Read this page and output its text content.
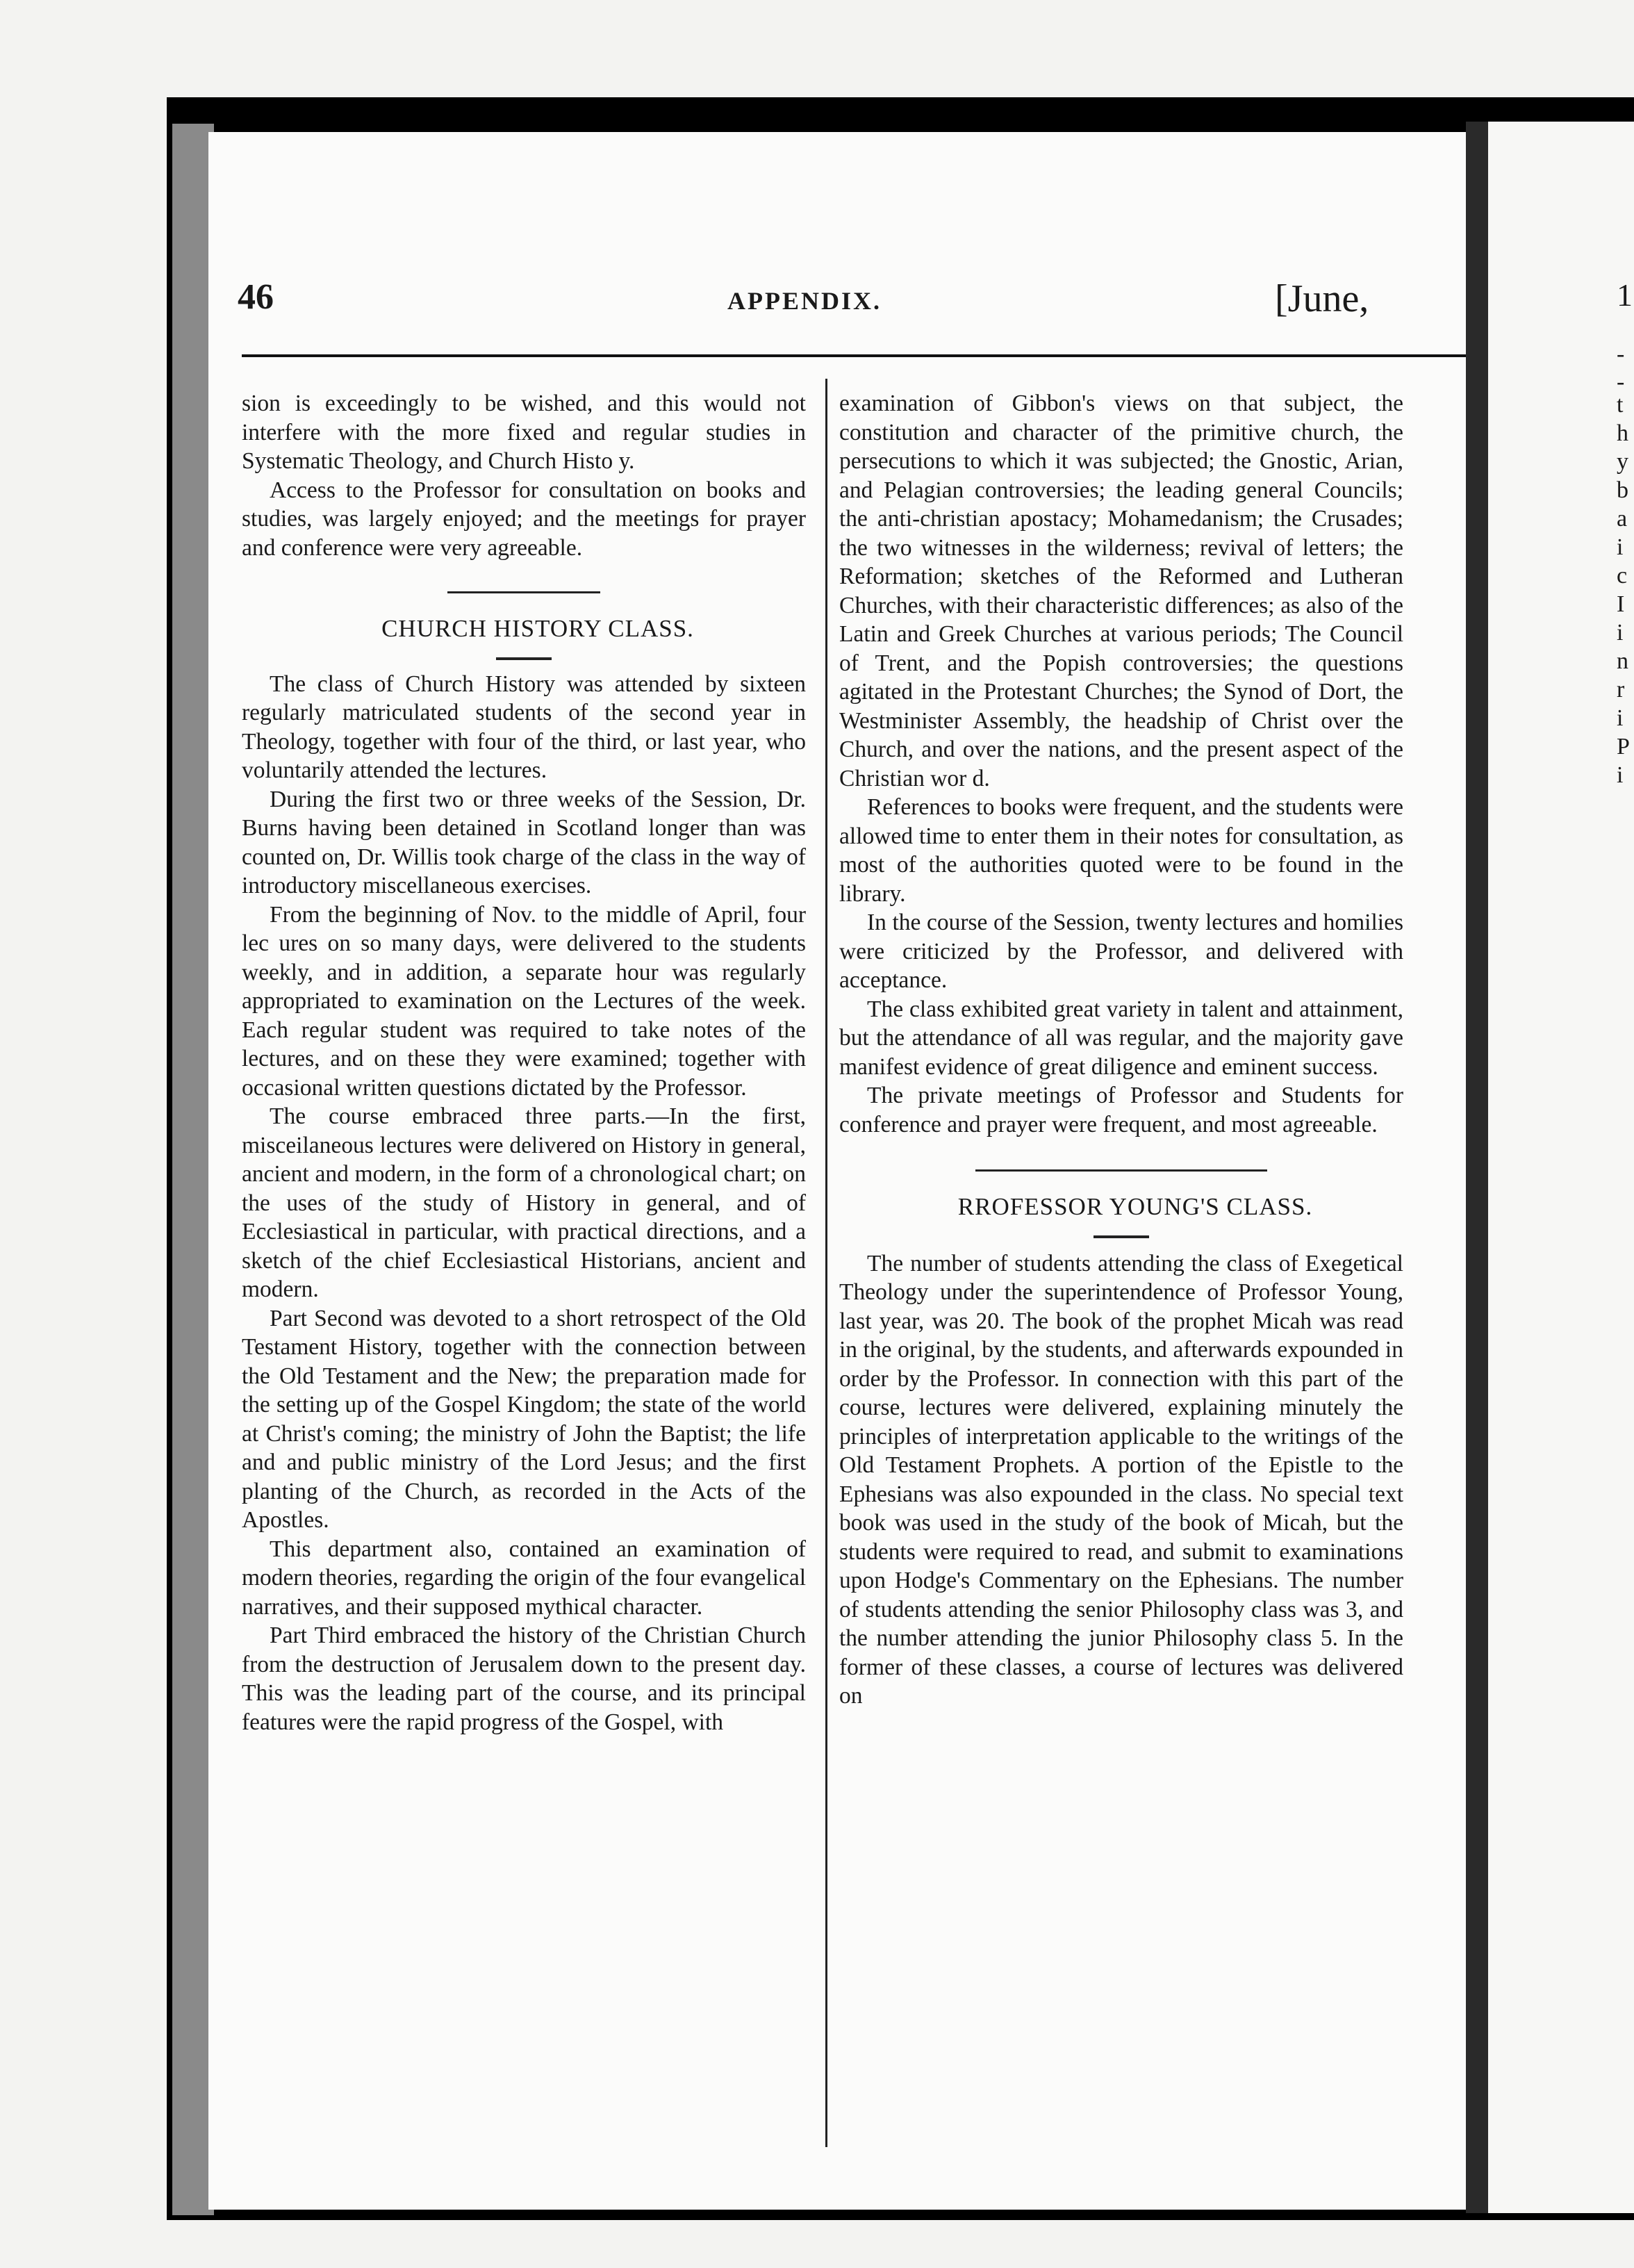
46	APPENDIX.	[June,

sion is exceedingly to be wished, and this would not interfere with the more fixed and regular studies in Systematic Theology, and Church Histo y.

Access to the Professor for consultation on books and studies, was largely enjoyed; and the meetings for prayer and conference were very agreeable.

CHURCH HISTORY CLASS.

The class of Church History was attended by sixteen regularly matriculated students of the second year in Theology, together with four of the third, or last year, who voluntarily attended the lectures.

During the first two or three weeks of the Session, Dr. Burns having been detained in Scotland longer than was counted on, Dr. Willis took charge of the class in the way of introductory miscellaneous exercises.

From the beginning of Nov. to the middle of April, four lec ures on so many days, were delivered to the students weekly, and in addition, a separate hour was regularly appropriated to examination on the Lectures of the week. Each regular student was required to take notes of the lectures, and on these they were examined; together with occasional written questions dictated by the Professor.

The course embraced three parts.—In the first, misceilaneous lectures were delivered on History in general, ancient and modern, in the form of a chronological chart; on the uses of the study of History in general, and of Ecclesiastical in particular, with practical directions, and a sketch of the chief Ecclesiastical Historians, ancient and modern.

Part Second was devoted to a short retrospect of the Old Testament History, together with the connection between the Old Testament and the New; the preparation made for the setting up of the Gospel Kingdom; the state of the world at Christ's coming; the ministry of John the Baptist; the life and and public ministry of the Lord Jesus; and the first planting of the Church, as recorded in the Acts of the Apostles.

This department also, contained an examination of modern theories, regarding the origin of the four evangelical narratives, and their supposed mythical character.

Part Third embraced the history of the Christian Church from the destruction of Jerusalem down to the present day. This was the leading part of the course, and its principal features were the rapid progress of the Gospel, with

examination of Gibbon's views on that subject, the constitution and character of the primitive church, the persecutions to which it was subjected; the Gnostic, Arian, and Pelagian controversies; the leading general Councils; the anti-christian apostacy; Mohamedanism; the Crusades; the two witnesses in the wilderness; revival of letters; the Reformation; sketches of the Reformed and Lutheran Churches, with their characteristic differences; as also of the Latin and Greek Churches at various periods; The Council of Trent, and the Popish controversies; the questions agitated in the Protestant Churches; the Synod of Dort, the Westminister Assembly, the headship of Christ over the Church, and over the nations, and the present aspect of the Christian wor d.

References to books were frequent, and the students were allowed time to enter them in their notes for consultation, as most of the authorities quoted were to be found in the library.

In the course of the Session, twenty lectures and homilies were criticized by the Professor, and delivered with acceptance.

The class exhibited great variety in talent and attainment, but the attendance of all was regular, and the majority gave manifest evidence of great diligence and eminent success.

The private meetings of Professor and Students for conference and prayer were frequent, and most agreeable.

RROFESSOR YOUNG'S CLASS.

The number of students attending the class of Exegetical Theology under the superintendence of Professor Young, last year, was 20. The book of the prophet Micah was read in the original, by the students, and afterwards expounded in order by the Professor. In connection with this part of the course, lectures were delivered, explaining minutely the principles of interpretation applicable to the writings of the Old Testament Prophets. A portion of the Epistle to the Ephesians was also expounded in the class. No special text book was used in the study of the book of Micah, but the students were required to read, and submit to examinations upon Hodge's Commentary on the Ephesians. The number of students attending the senior Philosophy class was 3, and the number attending the junior Philosophy class 5. In the former of these classes, a course of lectures was delivered on

1
- -
t
h
y
b
a
i
c
I
i
n
r
i
P
i
